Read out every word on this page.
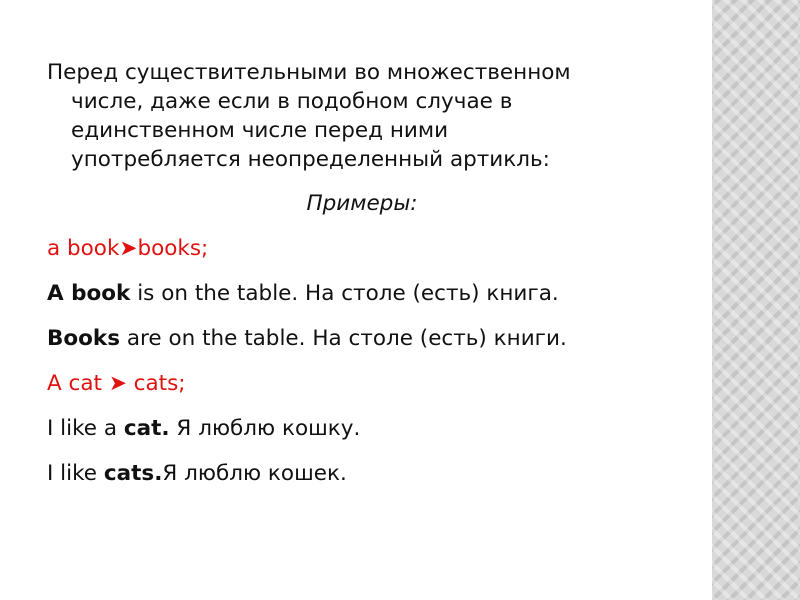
Перед существительными во множественном
числе, даже если в подобном случае в
единственном числе перед ними
употребляется неопределенный артикль:

Примеры:

a book➤books;

A book is on the table. На столе (есть) книга.

Books are on the table. На столе (есть) книги.

A cat ➤ cats;

I like a cat. Я люблю кошку.

I like cats.Я люблю кошек.
